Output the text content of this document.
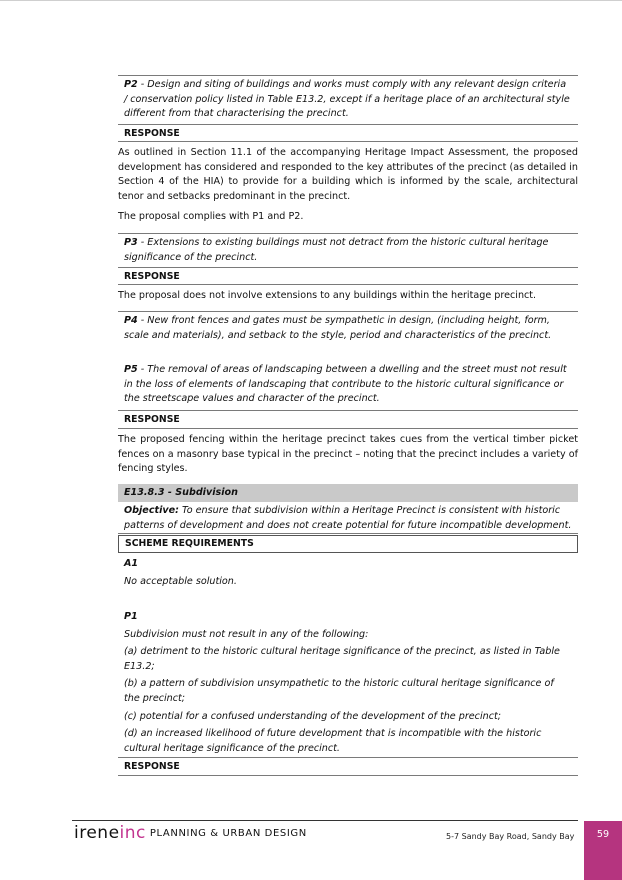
P2 - Design and siting of buildings and works must comply with any relevant design criteria / conservation policy listed in Table E13.2, except if a heritage place of an architectural style different from that characterising the precinct.
RESPONSE
As outlined in Section 11.1 of the accompanying Heritage Impact Assessment, the proposed development has considered and responded to the key attributes of the precinct (as detailed in Section 4 of the HIA) to provide for a building which is informed by the scale, architectural tenor and setbacks predominant in the precinct.
The proposal complies with P1 and P2.
P3 - Extensions to existing buildings must not detract from the historic cultural heritage significance of the precinct.
RESPONSE
The proposal does not involve extensions to any buildings within the heritage precinct.
P4 - New front fences and gates must be sympathetic in design, (including height, form, scale and materials), and setback to the style, period and characteristics of the precinct.
P5 - The removal of areas of landscaping between a dwelling and the street must not result in the loss of elements of landscaping that contribute to the historic cultural significance or the streetscape values and character of the precinct.
RESPONSE
The proposed fencing within the heritage precinct takes cues from the vertical timber picket fences on a masonry base typical in the precinct – noting that the precinct includes a variety of fencing styles.
E13.8.3 - Subdivision
Objective: To ensure that subdivision within a Heritage Precinct is consistent with historic patterns of development and does not create potential for future incompatible development.
SCHEME REQUIREMENTS
A1
No acceptable solution.
P1
Subdivision must not result in any of the following:
(a) detriment to the historic cultural heritage significance of the precinct, as listed in Table E13.2;
(b) a pattern of subdivision unsympathetic to the historic cultural heritage significance of the precinct;
(c) potential for a confused understanding of the development of the precinct;
(d) an increased likelihood of future development that is incompatible with the historic cultural heritage significance of the precinct.
RESPONSE
ireneinc PLANNING & URBAN DESIGN	5-7 Sandy Bay Road, Sandy Bay	59
